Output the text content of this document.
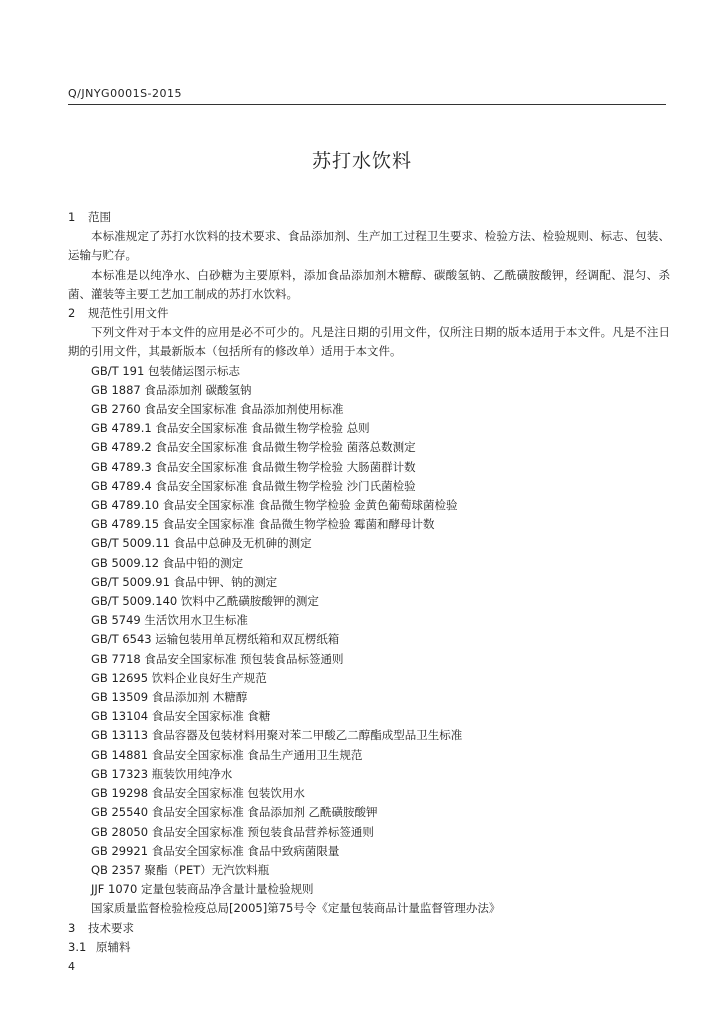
Q/JNYG0001S-2015
苏打水饮料
1 范围

本标准规定了苏打水饮料的技术要求、食品添加剂、生产加工过程卫生要求、检验方法、检验规则、标志、包装、运输与贮存。

本标准是以纯净水、白砂糖为主要原料，添加食品添加剂木糖醇、碳酸氢钠、乙酰磺胺酸钾，经调配、混匀、杀菌、灌装等主要工艺加工制成的苏打水饮料。

2 规范性引用文件

下列文件对于本文件的应用是必不可少的。凡是注日期的引用文件，仅所注日期的版本适用于本文件。凡是不注日期的引用文件，其最新版本（包括所有的修改单）适用于本文件。

GB/T 191 包装储运图示标志
GB 1887 食品添加剂 碳酸氢钠
GB 2760 食品安全国家标准 食品添加剂使用标准
GB 4789.1 食品安全国家标准 食品微生物学检验 总则
GB 4789.2 食品安全国家标准 食品微生物学检验 菌落总数测定
GB 4789.3 食品安全国家标准 食品微生物学检验 大肠菌群计数
GB 4789.4 食品安全国家标准 食品微生物学检验 沙门氏菌检验
GB 4789.10 食品安全国家标准 食品微生物学检验 金黄色葡萄球菌检验
GB 4789.15 食品安全国家标准 食品微生物学检验 霉菌和酵母计数
GB/T 5009.11 食品中总砷及无机砷的测定
GB 5009.12 食品中铅的测定
GB/T 5009.91 食品中钾、钠的测定
GB/T 5009.140 饮料中乙酰磺胺酸钾的测定
GB 5749 生活饮用水卫生标准
GB/T 6543 运输包装用单瓦楞纸箱和双瓦楞纸箱
GB 7718 食品安全国家标准 预包装食品标签通则
GB 12695 饮料企业良好生产规范
GB 13509 食品添加剂 木糖醇
GB 13104 食品安全国家标准 食糖
GB 13113 食品容器及包装材料用聚对苯二甲酸乙二醇酯成型品卫生标准
GB 14881 食品安全国家标准 食品生产通用卫生规范
GB 17323 瓶装饮用纯净水
GB 19298 食品安全国家标准 包装饮用水
GB 25540 食品安全国家标准 食品添加剂 乙酰磺胺酸钾
GB 28050 食品安全国家标准 预包装食品营养标签通则
GB 29921 食品安全国家标准 食品中致病菌限量
QB 2357 聚酯（PET）无汽饮料瓶
JJF 1070 定量包装商品净含量计量检验规则
国家质量监督检验检疫总局[2005]第75号令《定量包装商品计量监督管理办法》
3 技术要求
3.1 原辅料
4
